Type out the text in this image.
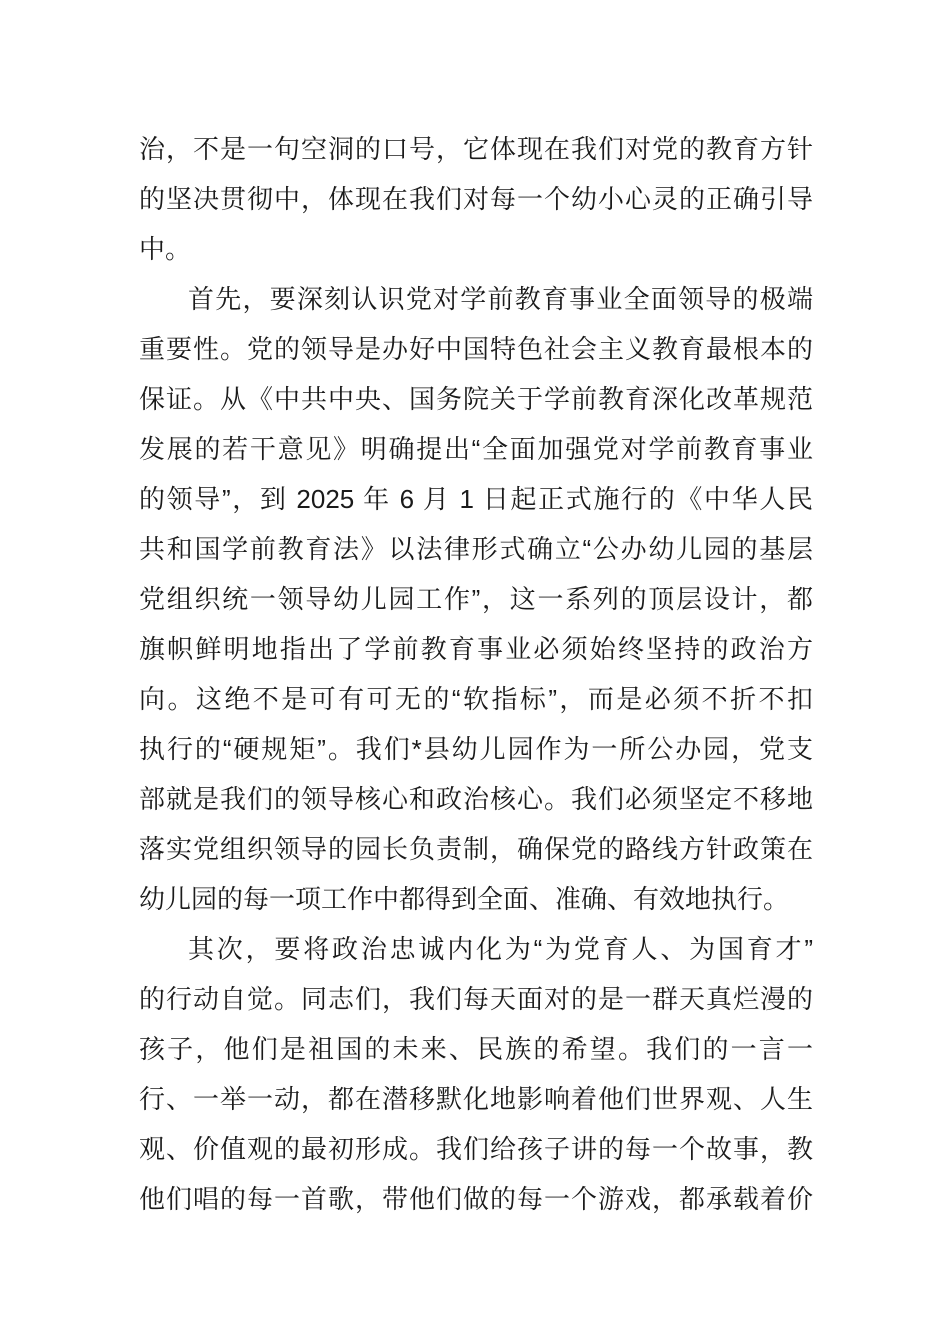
治，不是一句空洞的口号，它体现在我们对党的教育方针
的坚决贯彻中，体现在我们对每一个幼小心灵的正确引导
中。
首先，要深刻认识党对学前教育事业全面领导的极端
重要性。党的领导是办好中国特色社会主义教育最根本的
保证。从《中共中央、国务院关于学前教育深化改革规范
发展的若干意见》明确提出“全面加强党对学前教育事业
的领导”，到 2025 年 6 月 1 日起正式施行的《中华人民
共和国学前教育法》以法律形式确立“公办幼儿园的基层
党组织统一领导幼儿园工作”，这一系列的顶层设计，都
旗帜鲜明地指出了学前教育事业必须始终坚持的政治方
向。这绝不是可有可无的“软指标”，而是必须不折不扣
执行的“硬规矩”。我们*县幼儿园作为一所公办园，党支
部就是我们的领导核心和政治核心。我们必须坚定不移地
落实党组织领导的园长负责制，确保党的路线方针政策在
幼儿园的每一项工作中都得到全面、准确、有效地执行。
其次，要将政治忠诚内化为“为党育人、为国育才”
的行动自觉。同志们，我们每天面对的是一群天真烂漫的
孩子，他们是祖国的未来、民族的希望。我们的一言一
行、一举一动，都在潜移默化地影响着他们世界观、人生
观、价值观的最初形成。我们给孩子讲的每一个故事，教
他们唱的每一首歌，带他们做的每一个游戏，都承载着价
